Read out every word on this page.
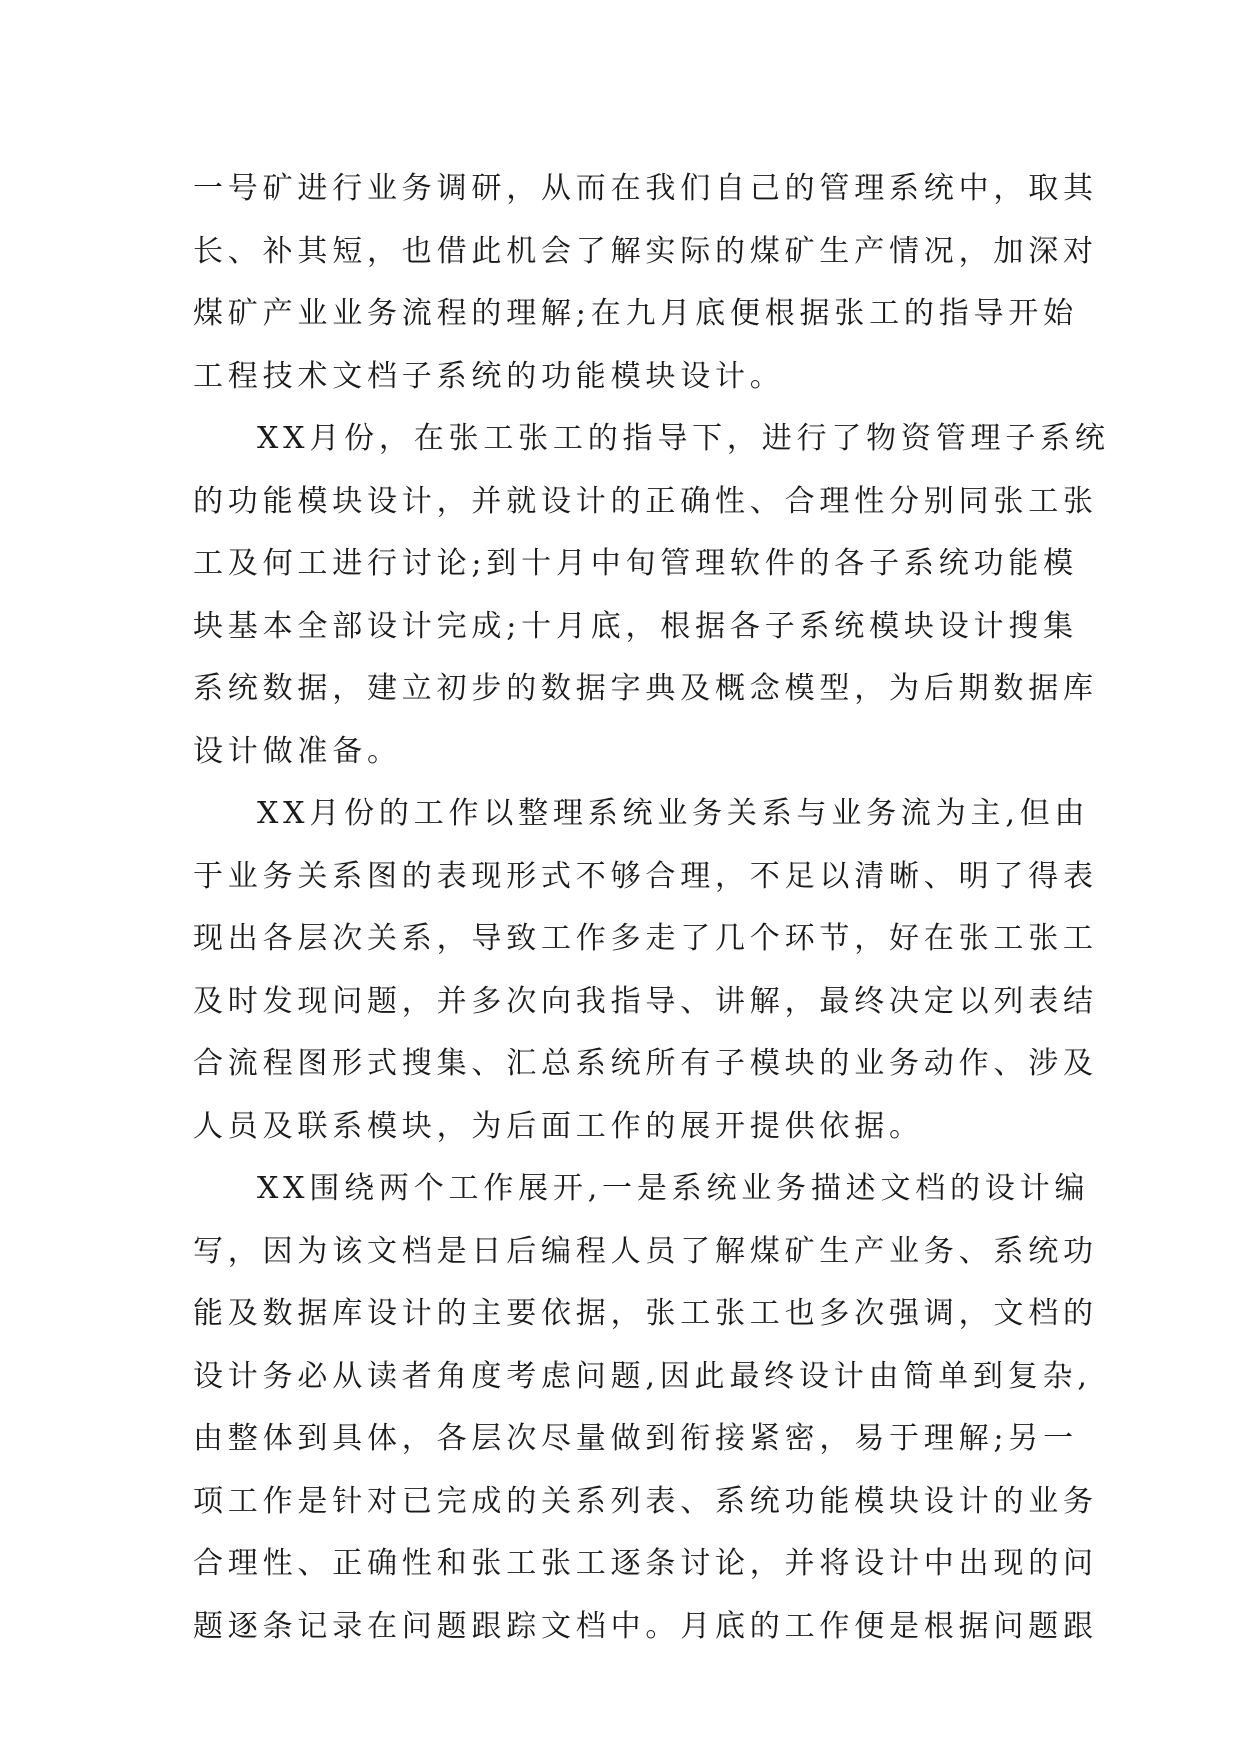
一号矿进行业务调研，从而在我们自己的管理系统中，取其
长、补其短，也借此机会了解实际的煤矿生产情况，加深对
煤矿产业业务流程的理解;在九月底便根据张工的指导开始
工程技术文档子系统的功能模块设计。
XX月份，在张工张工的指导下，进行了物资管理子系统
的功能模块设计，并就设计的正确性、合理性分别同张工张
工及何工进行讨论;到十月中旬管理软件的各子系统功能模
块基本全部设计完成;十月底，根据各子系统模块设计搜集
系统数据，建立初步的数据字典及概念模型，为后期数据库
设计做准备。
XX月份的工作以整理系统业务关系与业务流为主,但由
于业务关系图的表现形式不够合理，不足以清晰、明了得表
现出各层次关系，导致工作多走了几个环节，好在张工张工
及时发现问题，并多次向我指导、讲解，最终决定以列表结
合流程图形式搜集、汇总系统所有子模块的业务动作、涉及
人员及联系模块，为后面工作的展开提供依据。
XX围绕两个工作展开,一是系统业务描述文档的设计编
写，因为该文档是日后编程人员了解煤矿生产业务、系统功
能及数据库设计的主要依据，张工张工也多次强调，文档的
设计务必从读者角度考虑问题,因此最终设计由简单到复杂,
由整体到具体，各层次尽量做到衔接紧密，易于理解;另一
项工作是针对已完成的关系列表、系统功能模块设计的业务
合理性、正确性和张工张工逐条讨论，并将设计中出现的问
题逐条记录在问题跟踪文档中。月底的工作便是根据问题跟
